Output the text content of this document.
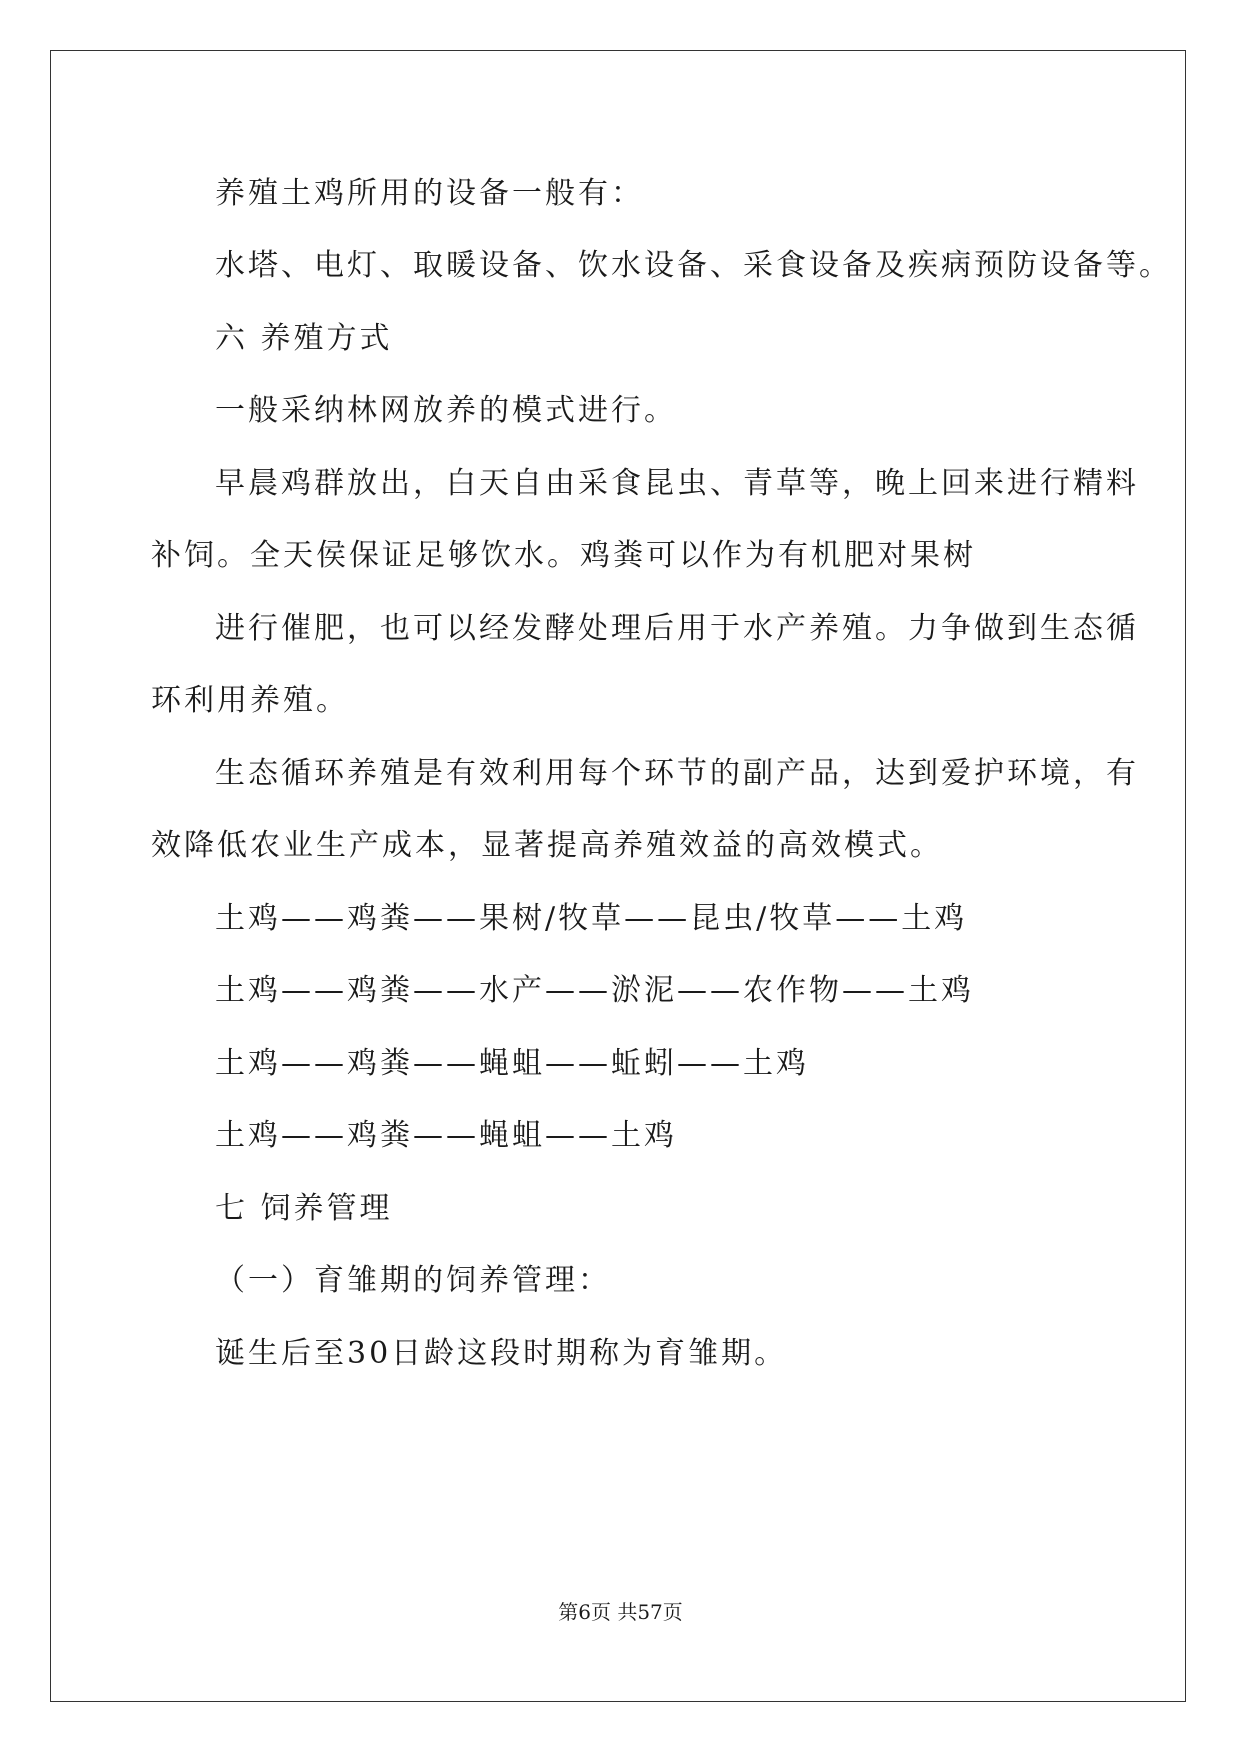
养殖土鸡所用的设备一般有：
水塔、电灯、取暖设备、饮水设备、采食设备及疾病预防设备等。
六 养殖方式
一般采纳林网放养的模式进行。
早晨鸡群放出，白天自由采食昆虫、青草等，晚上回来进行精料
补饲。全天侯保证足够饮水。鸡粪可以作为有机肥对果树
进行催肥，也可以经发酵处理后用于水产养殖。力争做到生态循
环利用养殖。
生态循环养殖是有效利用每个环节的副产品，达到爱护环境，有
效降低农业生产成本，显著提高养殖效益的高效模式。
土鸡——鸡粪——果树/牧草——昆虫/牧草——土鸡
土鸡——鸡粪——水产——淤泥——农作物——土鸡
土鸡——鸡粪——蝇蛆——蚯蚓——土鸡
土鸡——鸡粪——蝇蛆——土鸡
七 饲养管理
（一）育雏期的饲养管理：
诞生后至30日龄这段时期称为育雏期。
第6页 共57页
